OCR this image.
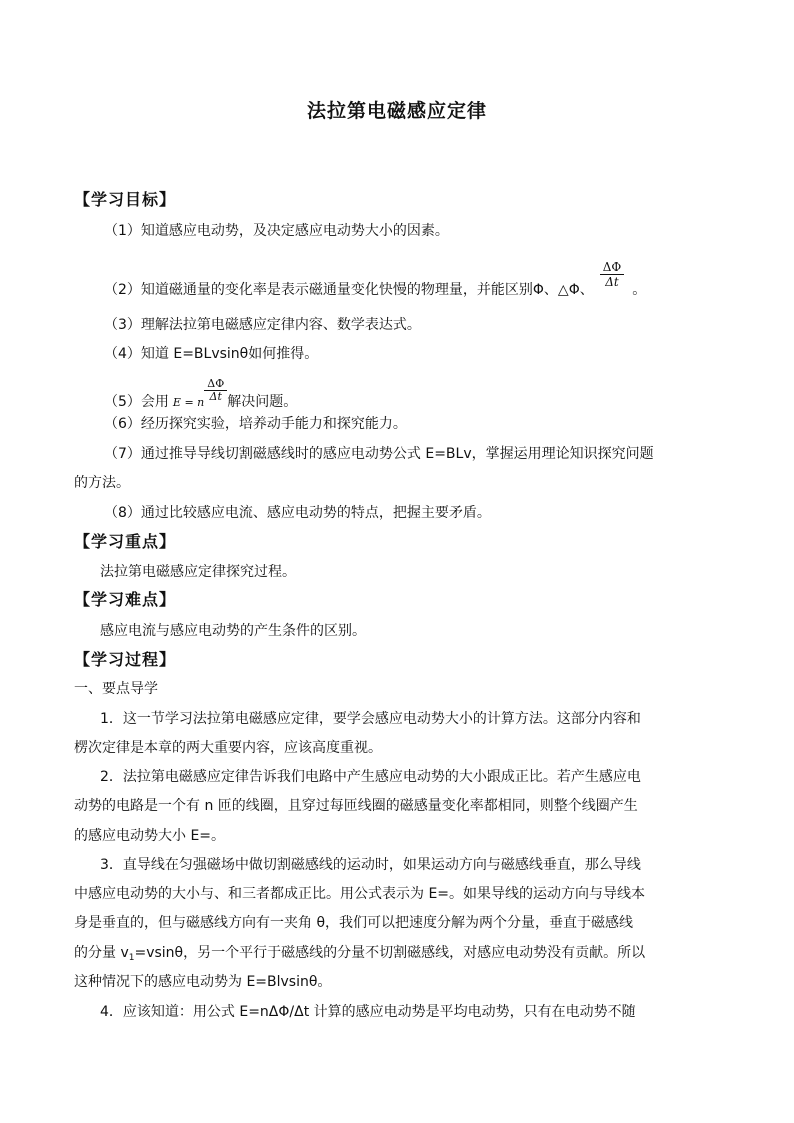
法拉第电磁感应定律
【学习目标】
（1）知道感应电动势，及决定感应电动势大小的因素。
（2）知道磁通量的变化率是表示磁通量变化快慢的物理量，并能区别Φ、△Φ、
$\frac{\Delta\Phi}{\Delta t}$
。
（3）理解法拉第电磁感应定律内容、数学表达式。
（4）知道 E=BLvsinθ如何推得。
（5）会用 E = n $\frac{\Delta\Phi}{\Delta t}$ 解决问题。
（6）经历探究实验，培养动手能力和探究能力。
（7）通过推导导线切割磁感线时的感应电动势公式 E=BLv，掌握运用理论知识探究问题
的方法。
（8）通过比较感应电流、感应电动势的特点，把握主要矛盾。
【学习重点】
法拉第电磁感应定律探究过程。
【学习难点】
感应电流与感应电动势的产生条件的区别。
【学习过程】
一、要点导学
1．这一节学习法拉第电磁感应定律，要学会感应电动势大小的计算方法。这部分内容和
楞次定律是本章的两大重要内容，应该高度重视。
2．法拉第电磁感应定律告诉我们电路中产生感应电动势的大小跟成正比。若产生感应电
动势的电路是一个有 n 匝的线圈，且穿过每匝线圈的磁感量变化率都相同，则整个线圈产生
的感应电动势大小 E=。
3．直导线在匀强磁场中做切割磁感线的运动时，如果运动方向与磁感线垂直，那么导线
中感应电动势的大小与、和三者都成正比。用公式表示为 E=。如果导线的运动方向与导线本
身是垂直的，但与磁感线方向有一夹角 θ，我们可以把速度分解为两个分量，垂直于磁感线
的分量 $v_1=vsin\theta$，另一个平行于磁感线的分量不切割磁感线，对感应电动势没有贡献。所以
这种情况下的感应电动势为 E=Blvsinθ。
4．应该知道：用公式 E=nΔΦ/Δt 计算的感应电动势是平均电动势，只有在电动势不随
